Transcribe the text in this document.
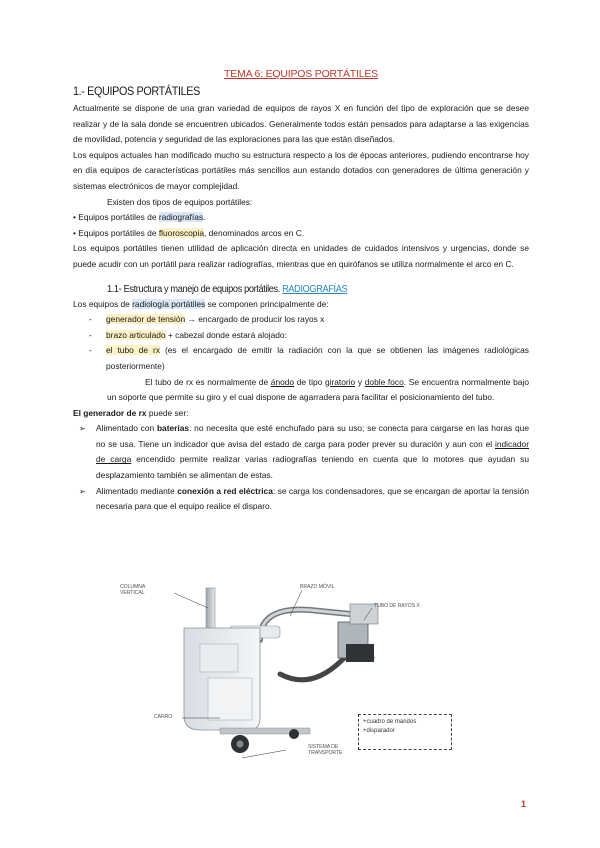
TEMA 6: EQUIPOS PORTÁTILES
1.- EQUIPOS PORTÁTILES

Actualmente se dispone de una gran variedad de equipos de rayos X en función del tipo de exploración que se desee realizar y de la sala donde se encuentren ubicados. Generalmente todos están pensados para adaptarse a las exigencias de movilidad, potencia y seguridad de las exploraciones para las que están diseñados.

Los equipos actuales han modificado mucho su estructura respecto a los de épocas anteriores, pudiendo encontrarse hoy en día equipos de características portátiles más sencillos aun estando dotados con generadores de última generación y sistemas electrónicos de mayor complejidad.

Existen dos tipos de equipos portátiles:

• Equipos portátiles de radiografías.
• Equipos portátiles de fluoroscopia, denominados arcos en C.

Los equipos portátiles tienen utilidad de aplicación directa en unidades de cuidados intensivos y urgencias, donde se puede acudir con un portátil para realizar radiografías, mientras que en quirófanos se utiliza normalmente el arco en C.

1.1- Estructura y manejo de equipos portátiles. RADIOGRAFÍAS
Los equipos de radiología portátiles se componen principalmente de:
- generador de tensión → encargado de producir los rayos x
- brazo articulado + cabezal donde estará alojado:
- el tubo de rx (es el encargado de emitir la radiación con la que se obtienen las imágenes radiológicas posteriormente)

El tubo de rx es normalmente de ánodo de tipo giratorio y doble foco. Se encuentra normalmente bajo un soporte que permite su giro y el cual dispone de agarradera para facilitar el posicionamiento del tubo.

El generador de rx puede ser:
➢ Alimentado con baterías: no necesita que esté enchufado para su uso; se conecta para cargarse en las horas que no se usa. Tiene un indicador que avisa del estado de carga para poder prever su duración y aun con el indicador de carga encendido permite realizar varias radiografías teniendo en cuenta que lo motores que ayudan su desplazamiento también se alimentan de estas.
➢ Alimentado mediante conexión a red eléctrica: se carga los condensadores, que se encargan de aportar la tensión necesaria para que el equipo realice el disparo.
COLUMNA VERTICAL
BRAZO MÓVIL
TUBO DE RAYOS X
CARRO
SISTEMA DE TRANSPORTE
+cuadro de mandos
+disparador
1
